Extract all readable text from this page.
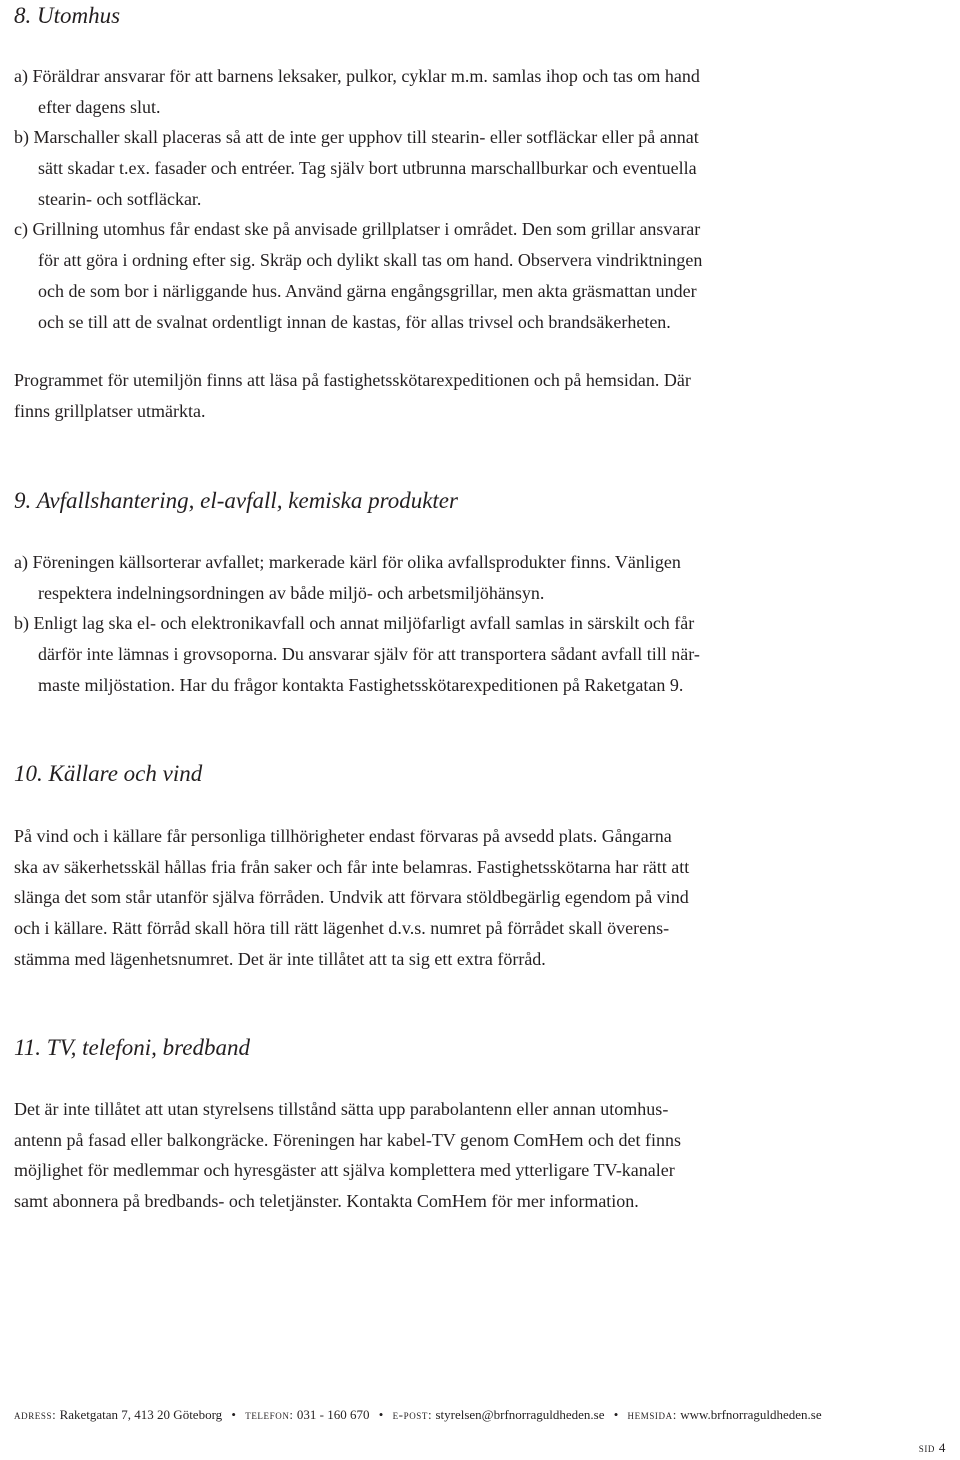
8. Utomhus
a) Föräldrar ansvarar för att barnens leksaker, pulkor, cyklar m.m. samlas ihop och tas om hand
efter dagens slut.
b) Marschaller skall placeras så att de inte ger upphov till stearin- eller sotfläckar eller på annat
sätt skadar t.ex. fasader och entréer. Tag själv bort utbrunna marschallburkar och eventuella
stearin- och sotfläckar.
c) Grillning utomhus får endast ske på anvisade grillplatser i området. Den som grillar ansvarar
för att göra i ordning efter sig. Skräp och dylikt skall tas om hand. Observera vindriktningen
och de som bor i närliggande hus. Använd gärna engångsgrillar, men akta gräsmattan under
och se till att de svalnat ordentligt innan de kastas, för allas trivsel och brandsäkerheten.
Programmet för utemiljön finns att läsa på fastighetsskötarexpeditionen och på hemsidan. Där
finns grillplatser utmärkta.
9. Avfallshantering, el-avfall, kemiska produkter
a) Föreningen källsorterar avfallet; markerade kärl för olika avfallsprodukter finns. Vänligen
respektera indelningsordningen av både miljö- och arbetsmiljöhänsyn.
b) Enligt lag ska el- och elektronikavfall och annat miljöfarligt avfall samlas in särskilt och får
därför inte lämnas i grovsoporna. Du ansvarar själv för att transportera sådant avfall till när-
maste miljöstation. Har du frågor kontakta Fastighetsskötarexpeditionen på Raketgatan 9.
10. Källare och vind
På vind och i källare får personliga tillhörigheter endast förvaras på avsedd plats. Gångarna
ska av säkerhetsskäl hållas fria från saker och får inte belamras. Fastighetsskötarna har rätt att
slänga det som står utanför själva förråden. Undvik att förvara stöldbegärlig egendom på vind
och i källare. Rätt förråd skall höra till rätt lägenhet d.v.s. numret på förrådet skall överens-
stämma med lägenhetsnumret. Det är inte tillåtet att ta sig ett extra förråd.
11. TV, telefoni, bredband
Det är inte tillåtet att utan styrelsens tillstånd sätta upp parabolantenn eller annan utomhus-
antenn på fasad eller balkongräcke. Föreningen har kabel-TV genom ComHem och det finns
möjlighet för medlemmar och hyresgäster att själva komplettera med ytterligare TV-kanaler
samt abonnera på bredbands- och teletjänster. Kontakta ComHem för mer information.
adress: Raketgatan 7, 413 20 Göteborg • telefon: 031 - 160 670 • e-post: styrelsen@brfnorraguldheden.se • hemsida: www.brfnorraguldheden.se
sid 4
